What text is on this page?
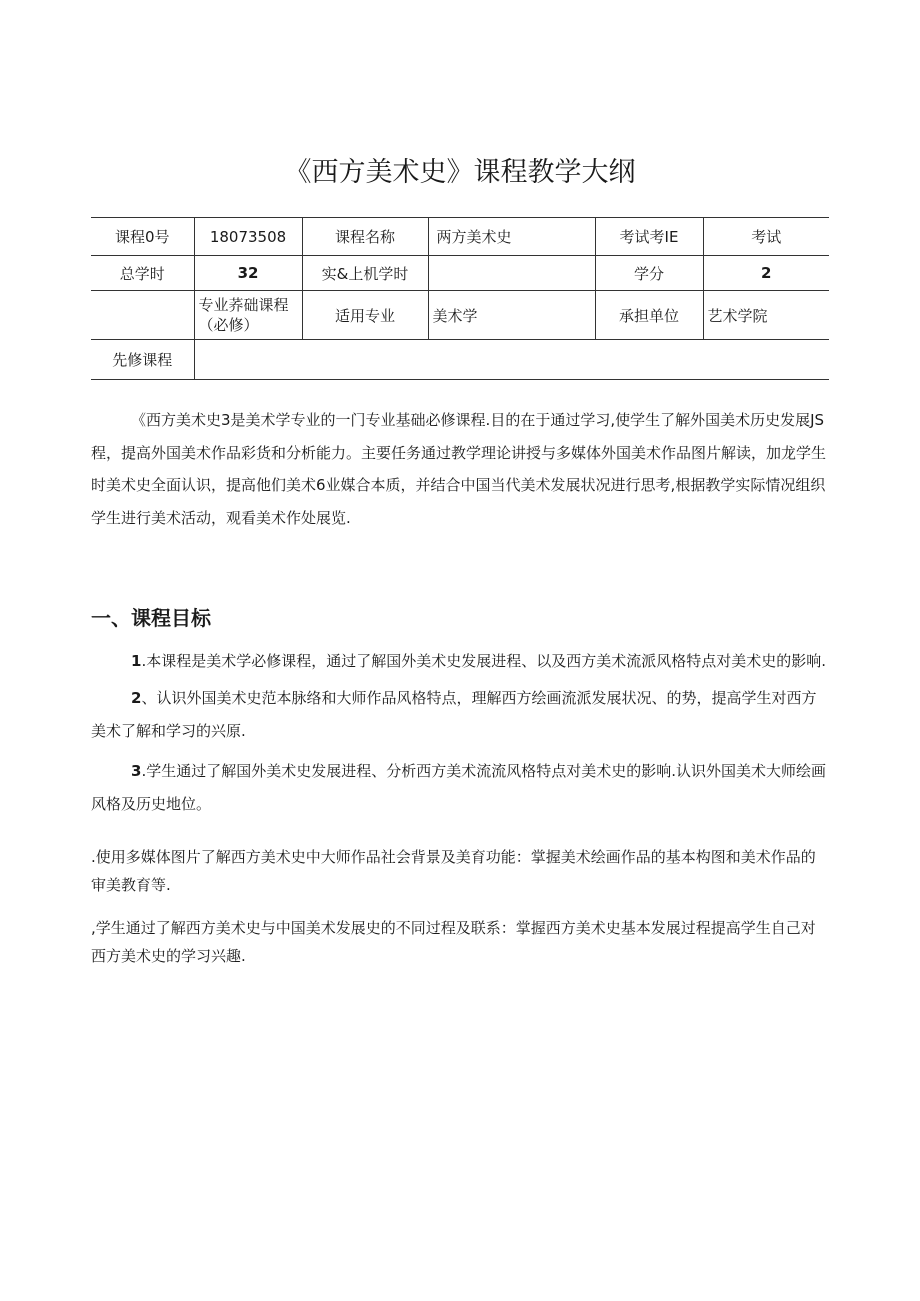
《西方美术史》课程教学大纲
课程0号	18073508	课程名称	两方美术史	考试考IE	考试
总学时	32	实&上机学时		学分	2
	专业荞础课程（必修）	适用专业	美术学	承担单位	艺术学院
先修课程					

《西方美术史3是美术学专业的一门专业基础必修课程.目的在于通过学习,使学生了解外国美术历史发展JS程，提高外国美术作品彩货和分析能力。主要任务通过教学理论讲授与多媒体外国美术作品图片解读，加龙学生时美术史全面认识，提高他们美术6业媒合本质，并结合中国当代美术发展状况进行思考,根据教学实际情况组织学生进行美术活动，观看美术作处展览.

一、课程目标

1.本课程是美术学必修课程，通过了解国外美术史发展进程、以及西方美术流派风格特点对美术史的影响.

2、认识外国美术史范本脉络和大师作品风格特点，理解西方绘画流派发展状况、的势，提高学生对西方美术了解和学习的兴原.

3.学生通过了解国外美术史发展进程、分析西方美术流流风格特点对美术史的影响.认识外国美术大师绘画风格及历史地位。

.使用多媒体图片了解西方美术史中大师作品社会背景及美育功能：掌握美术绘画作品的基本构图和美术作品的审美教育等.

,学生通过了解西方美术史与中国美术发展史的不同过程及联系：掌握西方美术史基本发展过程提高学生自己对西方美术史的学习兴趣.
